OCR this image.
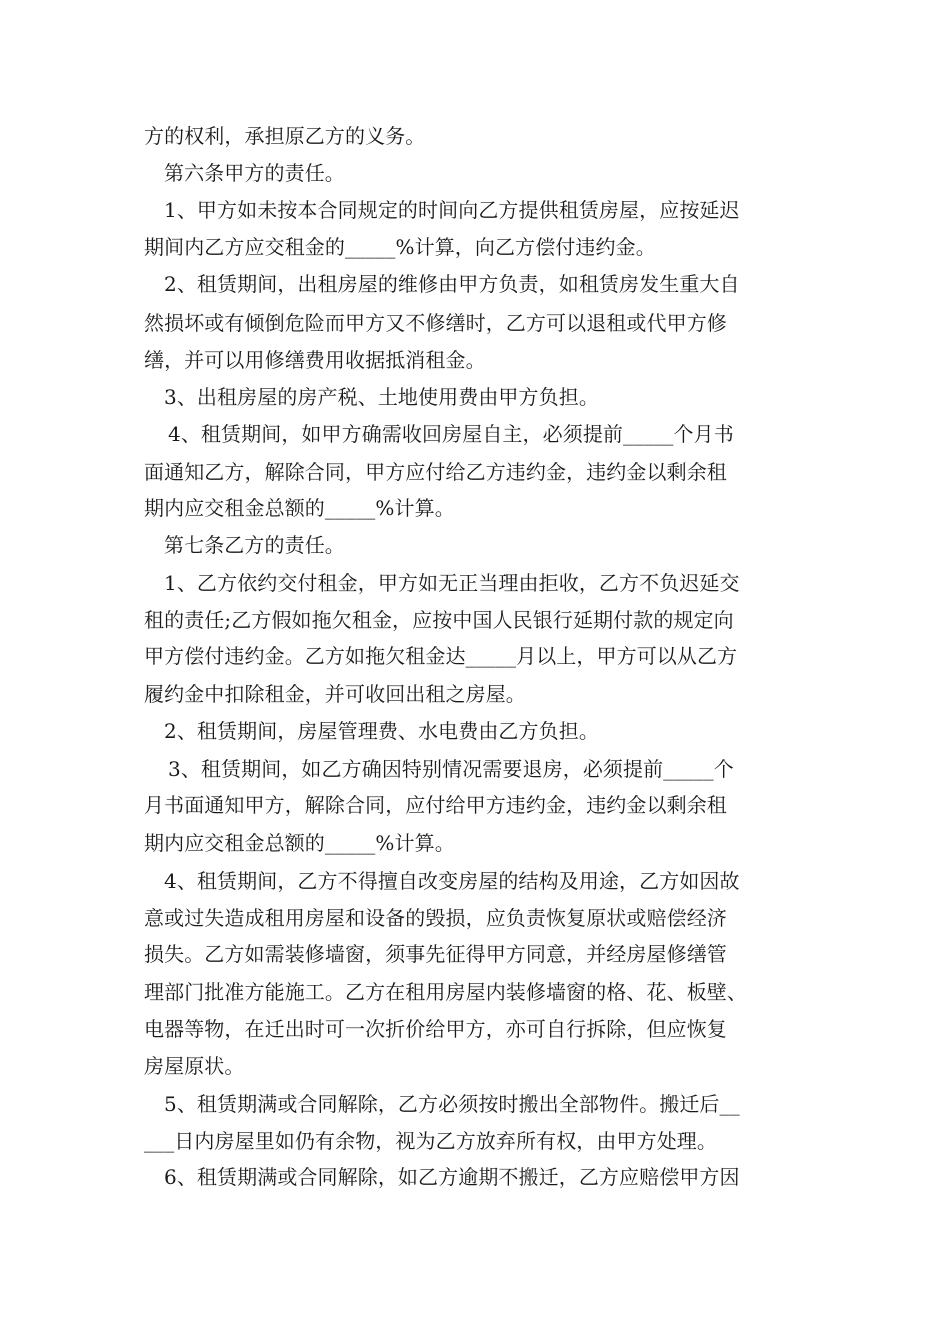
方的权利，承担原乙方的义务。
第六条甲方的责任。
1、甲方如未按本合同规定的时间向乙方提供租赁房屋，应按延迟
期间内乙方应交租金的_____%计算，向乙方偿付违约金。
2、租赁期间，出租房屋的维修由甲方负责，如租赁房发生重大自
然损坏或有倾倒危险而甲方又不修缮时，乙方可以退租或代甲方修
缮，并可以用修缮费用收据抵消租金。
3、出租房屋的房产税、土地使用费由甲方负担。
4、租赁期间，如甲方确需收回房屋自主，必须提前_____个月书
面通知乙方，解除合同，甲方应付给乙方违约金，违约金以剩余租
期内应交租金总额的_____%计算。
第七条乙方的责任。
1、乙方依约交付租金，甲方如无正当理由拒收，乙方不负迟延交
租的责任;乙方假如拖欠租金，应按中国人民银行延期付款的规定向
甲方偿付违约金。乙方如拖欠租金达_____月以上，甲方可以从乙方
履约金中扣除租金，并可收回出租之房屋。
2、租赁期间，房屋管理费、水电费由乙方负担。
3、租赁期间，如乙方确因特别情况需要退房，必须提前_____个
月书面通知甲方，解除合同，应付给甲方违约金，违约金以剩余租
期内应交租金总额的_____%计算。
4、租赁期间，乙方不得擅自改变房屋的结构及用途，乙方如因故
意或过失造成租用房屋和设备的毁损，应负责恢复原状或赔偿经济
损失。乙方如需装修墙窗，须事先征得甲方同意，并经房屋修缮管
理部门批准方能施工。乙方在租用房屋内装修墙窗的格、花、板壁、
电器等物，在迁出时可一次折价给甲方，亦可自行拆除，但应恢复
房屋原状。
5、租赁期满或合同解除，乙方必须按时搬出全部物件。搬迁后__
___日内房屋里如仍有余物，视为乙方放弃所有权，由甲方处理。
6、租赁期满或合同解除，如乙方逾期不搬迁，乙方应赔偿甲方因
